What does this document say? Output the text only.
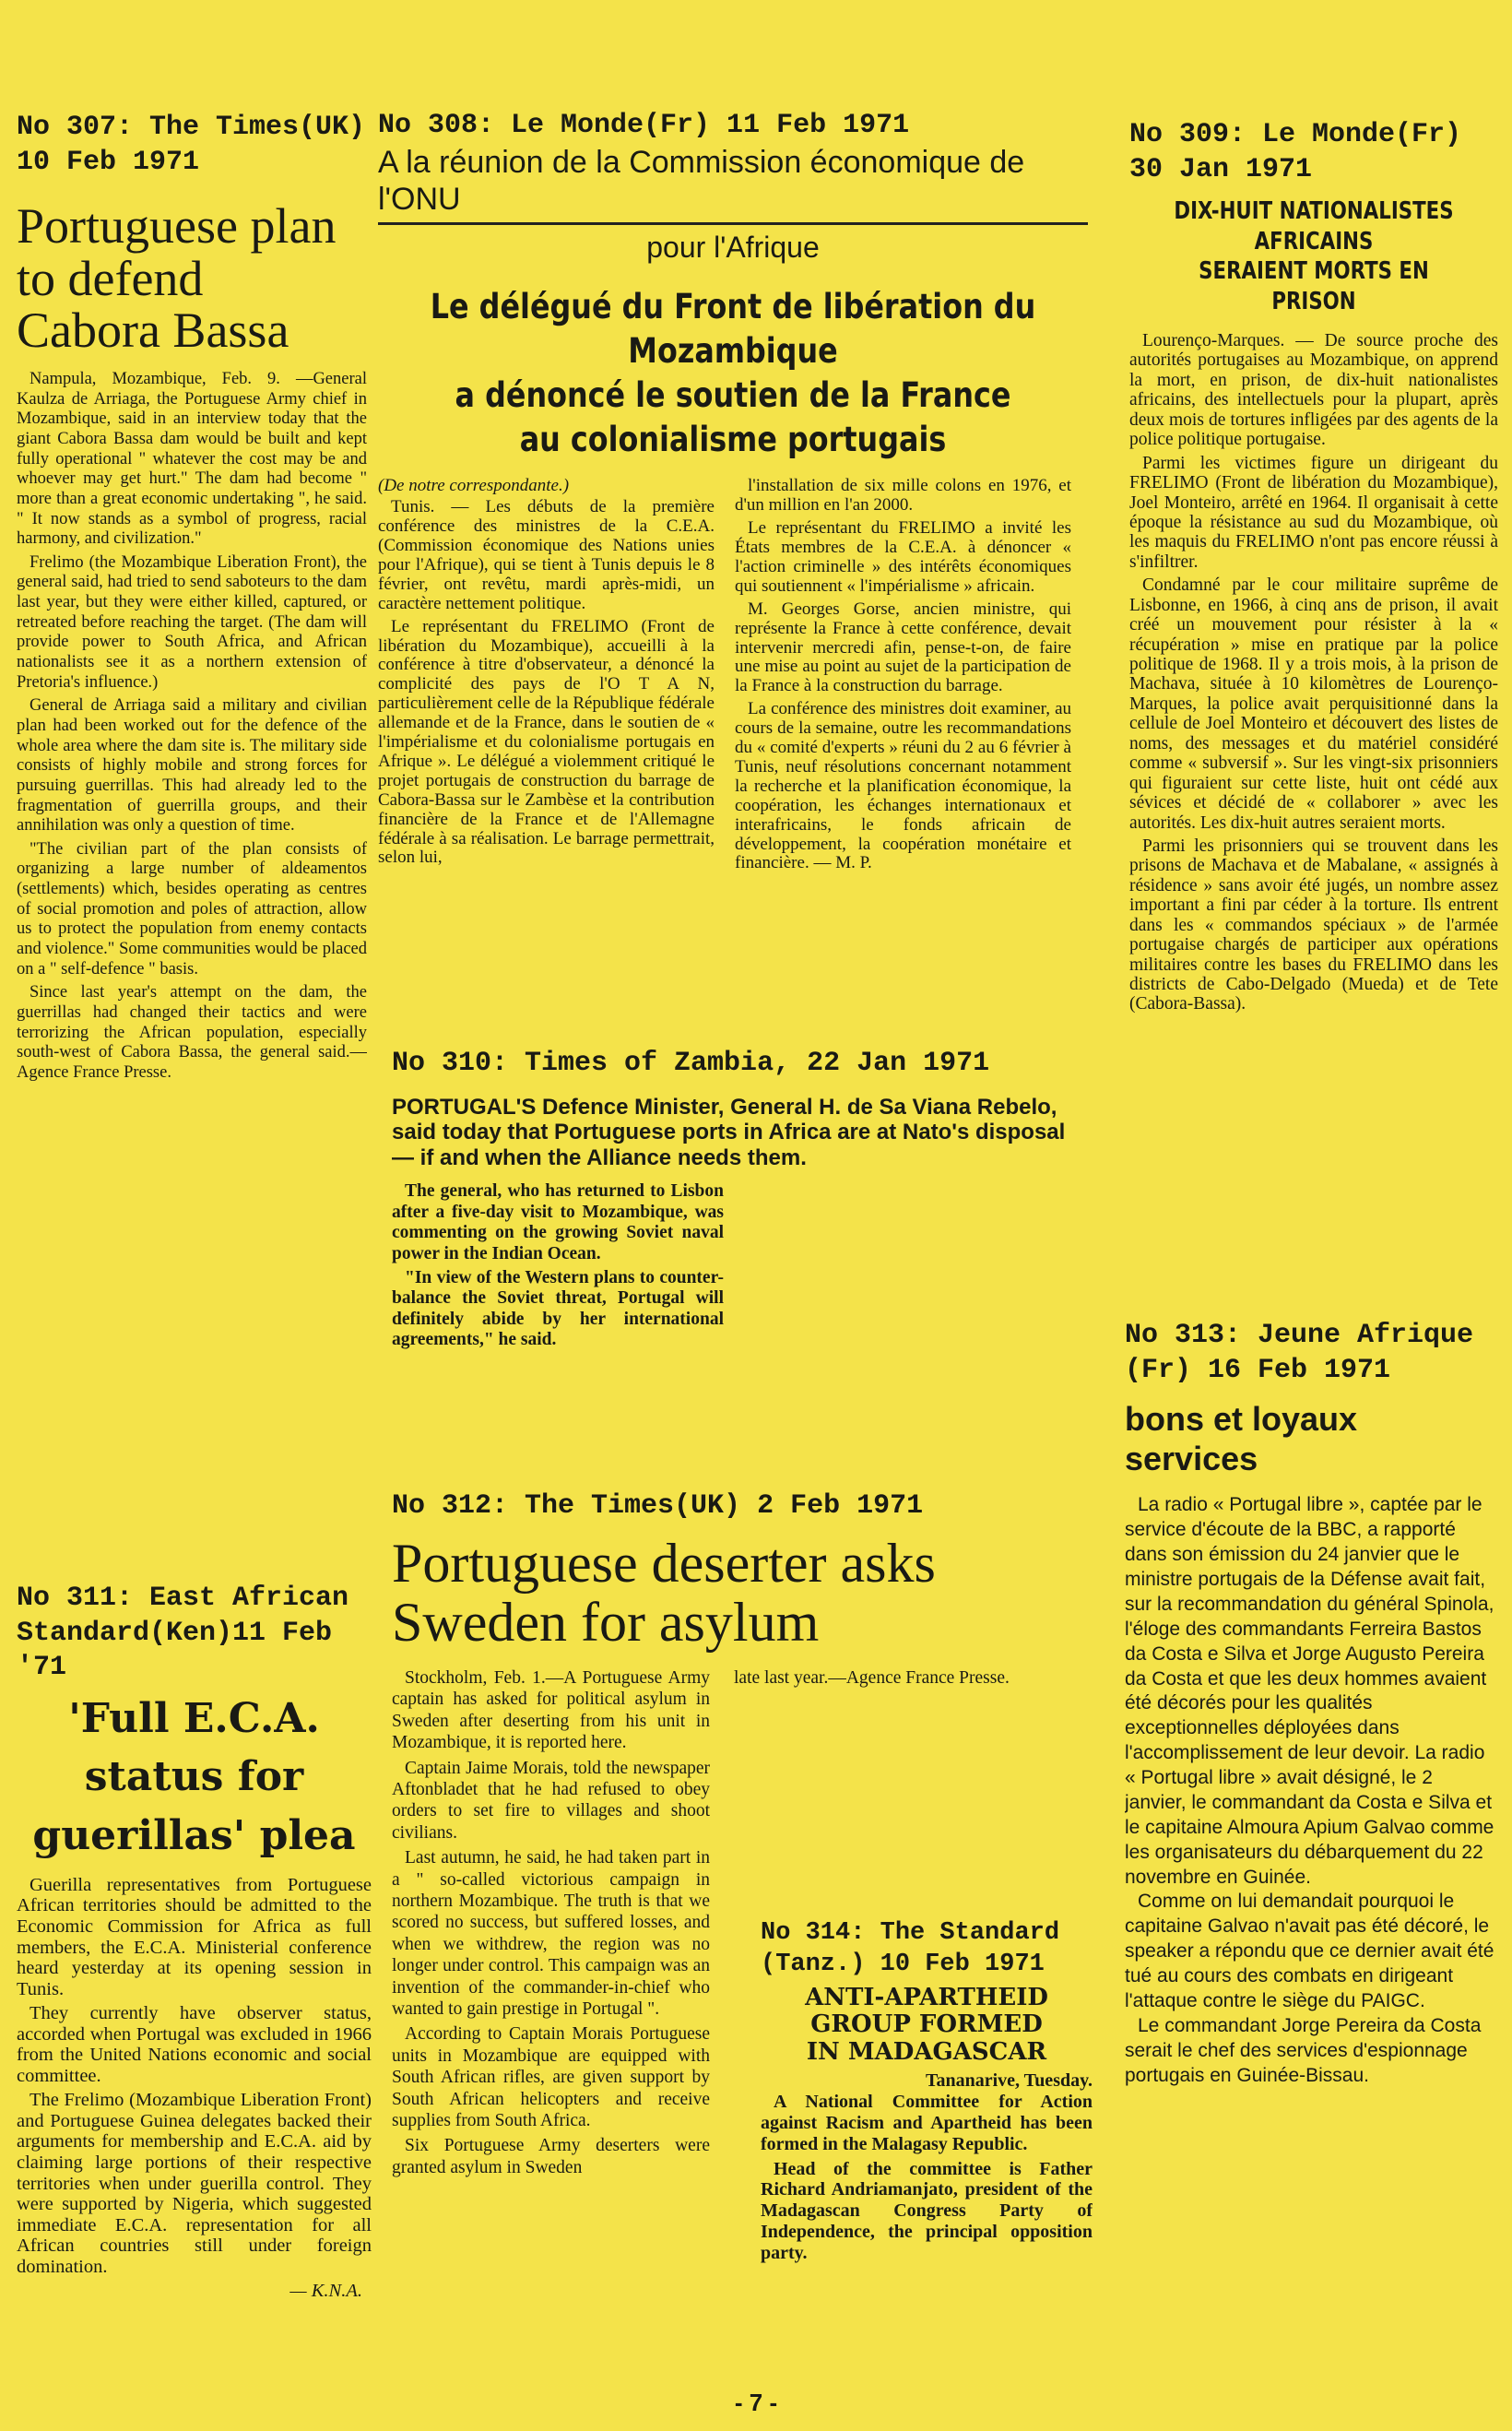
No 307: The Times(UK)
10 Feb 1971
Portuguese plan
to defend
Cabora Bassa

Nampula, Mozambique, Feb. 9. —General Kaulza de Arriaga, the Portuguese Army chief in Mozambique, said in an interview today that the giant Cabora Bassa dam would be built and kept fully operational " whatever the cost may be and whoever may get hurt." The dam had become " more than a great economic undertaking ", he said. " It now stands as a symbol of progress, racial harmony, and civilization."

Frelimo (the Mozambique Liberation Front), the general said, had tried to send saboteurs to the dam last year, but they were either killed, captured, or retreated before reaching the target. (The dam will provide power to South Africa, and African nationalists see it as a northern extension of Pretoria's influence.)

General de Arriaga said a military and civilian plan had been worked out for the defence of the whole area where the dam site is. The military side consists of highly mobile and strong forces for pursuing guerrillas. This had already led to the fragmentation of guerrilla groups, and their annihilation was only a question of time.

"The civilian part of the plan consists of organizing a large number of aldeamentos (settlements) which, besides operating as centres of social promotion and poles of attraction, allow us to protect the population from enemy contacts and violence." Some communities would be placed on a " self-defence " basis.

Since last year's attempt on the dam, the guerrillas had changed their tactics and were terrorizing the African population, especially south-west of Cabora Bassa, the general said.—Agence France Presse.

No 308: Le Monde(Fr) 11 Feb 1971
A la réunion de la Commission économique de l'ONU
pour l'Afrique
Le délégué du Front de libération du Mozambique
a dénoncé le soutien de la France
au colonialisme portugais
(De notre correspondante.)

Tunis. — Les débuts de la première conférence des ministres de la C.E.A. (Commission économique des Nations unies pour l'Afrique), qui se tient à Tunis depuis le 8 février, ont revêtu, mardi après-midi, un caractère nettement politique.

Le représentant du FRELIMO (Front de libération du Mozambique), accueilli à la conférence à titre d'observateur, a dénoncé la complicité des pays de l'O T A N, particulièrement celle de la République fédérale allemande et de la France, dans le soutien de « l'impérialisme et du colonialisme portugais en Afrique ». Le délégué a violemment critiqué le projet portugais de construction du barrage de Cabora-Bassa sur le Zambèse et la contribution financière de la France et de l'Allemagne fédérale à sa réalisation. Le barrage permettrait, selon lui,

l'installation de six mille colons en 1976, et d'un million en l'an 2000.

Le représentant du FRELIMO a invité les États membres de la C.E.A. à dénoncer « l'action criminelle » des intérêts économiques qui soutiennent « l'impérialisme » africain.

M. Georges Gorse, ancien ministre, qui représente la France à cette conférence, devait intervenir mercredi afin, pense-t-on, de faire une mise au point au sujet de la participation de la France à la construction du barrage.

La conférence des ministres doit examiner, au cours de la semaine, outre les recommandations du « comité d'experts » réuni du 2 au 6 février à Tunis, neuf résolutions concernant notamment la recherche et la planification économique, la coopération, les échanges internationaux et interafricains, le fonds africain de développement, la coopération monétaire et financière. — M. P.

No 309: Le Monde(Fr)
30 Jan 1971
DIX-HUIT NATIONALISTES
AFRICAINS
SERAIENT MORTS EN PRISON

Lourenço-Marques. — De source proche des autorités portugaises au Mozambique, on apprend la mort, en prison, de dix-huit nationalistes africains, des intellectuels pour la plupart, après deux mois de tortures infligées par des agents de la police politique portugaise.

Parmi les victimes figure un dirigeant du FRELIMO (Front de libération du Mozambique), Joel Monteiro, arrêté en 1964. Il organisait à cette époque la résistance au sud du Mozambique, où les maquis du FRELIMO n'ont pas encore réussi à s'infiltrer.

Condamné par le cour militaire suprême de Lisbonne, en 1966, à cinq ans de prison, il avait créé un mouvement pour résister à la « récupération » mise en pratique par la police politique de 1968. Il y a trois mois, à la prison de Machava, située à 10 kilomètres de Lourenço-Marques, la police avait perquisitionné dans la cellule de Joel Monteiro et découvert des listes de noms, des messages et du matériel considéré comme « subversif ». Sur les vingt-six prisonniers qui figuraient sur cette liste, huit ont cédé aux sévices et décidé de « collaborer » avec les autorités. Les dix-huit autres seraient morts.

Parmi les prisonniers qui se trouvent dans les prisons de Machava et de Mabalane, « assignés à résidence » sans avoir été jugés, un nombre assez important a fini par céder à la torture. Ils entrent dans les « commandos spéciaux » de l'armée portugaise chargés de participer aux opérations militaires contre les bases du FRELIMO dans les districts de Cabo-Delgado (Mueda) et de Tete (Cabora-Bassa).

No 310: Times of Zambia, 22 Jan 1971
PORTUGAL'S Defence Minister, General H. de Sa Viana Rebelo, said today that Portuguese ports in Africa are at Nato's disposal — if and when the Alliance needs them.

The general, who has returned to Lisbon after a five-day visit to Mozambique, was commenting on the growing Soviet naval power in the Indian Ocean.

"In view of the Western plans to counter-balance the Soviet threat, Portugal will definitely abide by her international agreements," he said.

No 311: East African
Standard(Ken)11 Feb '71
'Full E.C.A.
status for
guerillas' plea

Guerilla representatives from Portuguese African territories should be admitted to the Economic Commission for Africa as full members, the E.C.A. Ministerial conference heard yesterday at its opening session in Tunis.

They currently have observer status, accorded when Portugal was excluded in 1966 from the United Nations economic and social committee.

The Frelimo (Mozambique Liberation Front) and Portuguese Guinea delegates backed their arguments for membership and E.C.A. aid by claiming large portions of their respective territories when under guerilla control. They were supported by Nigeria, which suggested immediate E.C.A. representation for all African countries still under foreign domination.

— K.N.A.
No 312: The Times(UK) 2 Feb 1971
Portuguese deserter asks
Sweden for asylum

Stockholm, Feb. 1.—A Portuguese Army captain has asked for political asylum in Sweden after deserting from his unit in Mozambique, it is reported here.

Captain Jaime Morais, told the newspaper Aftonbladet that he had refused to obey orders to set fire to villages and shoot civilians.

Last autumn, he said, he had taken part in a " so-called victorious campaign in northern Mozambique. The truth is that we scored no success, but suffered losses, and when we withdrew, the region was no longer under control. This campaign was an invention of the commander-in-chief who wanted to gain prestige in Portugal ".

According to Captain Morais Portuguese units in Mozambique are equipped with South African rifles, are given support by South African helicopters and receive supplies from South Africa.

Six Portuguese Army deserters were granted asylum in Sweden

late last year.—Agence France Presse.

No 313: Jeune Afrique
(Fr) 16 Feb 1971
bons et loyaux
services

La radio « Portugal libre », captée par le service d'écoute de la BBC, a rapporté dans son émission du 24 janvier que le ministre portugais de la Défense avait fait, sur la recommandation du général Spinola, l'éloge des commandants Ferreira Bastos da Costa e Silva et Jorge Augusto Pereira da Costa et que les deux hommes avaient été décorés pour les qualités exceptionnelles déployées dans l'accomplissement de leur devoir. La radio « Portugal libre » avait désigné, le 2 janvier, le commandant da Costa e Silva et le capitaine Almoura Apium Galvao comme les organisateurs du débarquement du 22 novembre en Guinée.

Comme on lui demandait pourquoi le capitaine Galvao n'avait pas été décoré, le speaker a répondu que ce dernier avait été tué au cours des combats en dirigeant l'attaque contre le siège du PAIGC.

Le commandant Jorge Pereira da Costa serait le chef des services d'espionnage portugais en Guinée-Bissau.

No 314: The Standard
(Tanz.) 10 Feb 1971
ANTI-APARTHEID
GROUP FORMED
IN MADAGASCAR
Tananarive, Tuesday.

A National Committee for Action against Racism and Apartheid has been formed in the Malagasy Republic.

Head of the committee is Father Richard Andriamanjato, president of the Madagascan Congress Party of Independence, the principal opposition party.

- 7 -
